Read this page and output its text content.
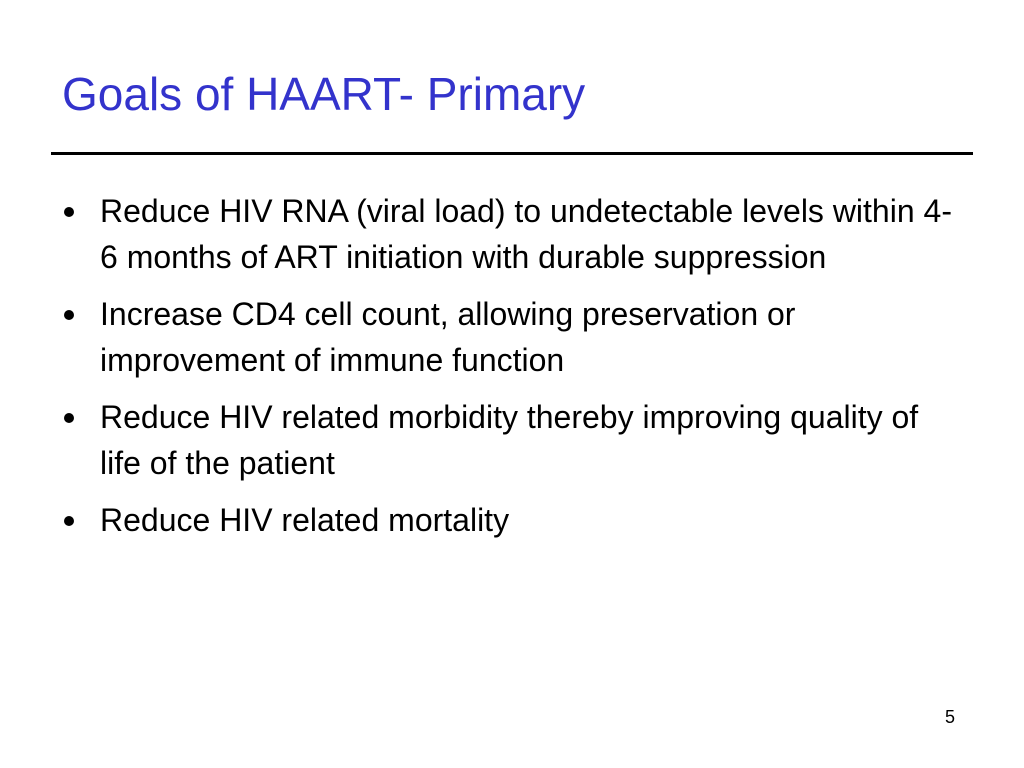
Goals of HAART- Primary
Reduce HIV RNA (viral load) to undetectable levels within 4-6 months of ART initiation with durable suppression
Increase CD4 cell count, allowing preservation or improvement of immune function
Reduce HIV related morbidity thereby improving quality of life of the patient
Reduce HIV related mortality
5
